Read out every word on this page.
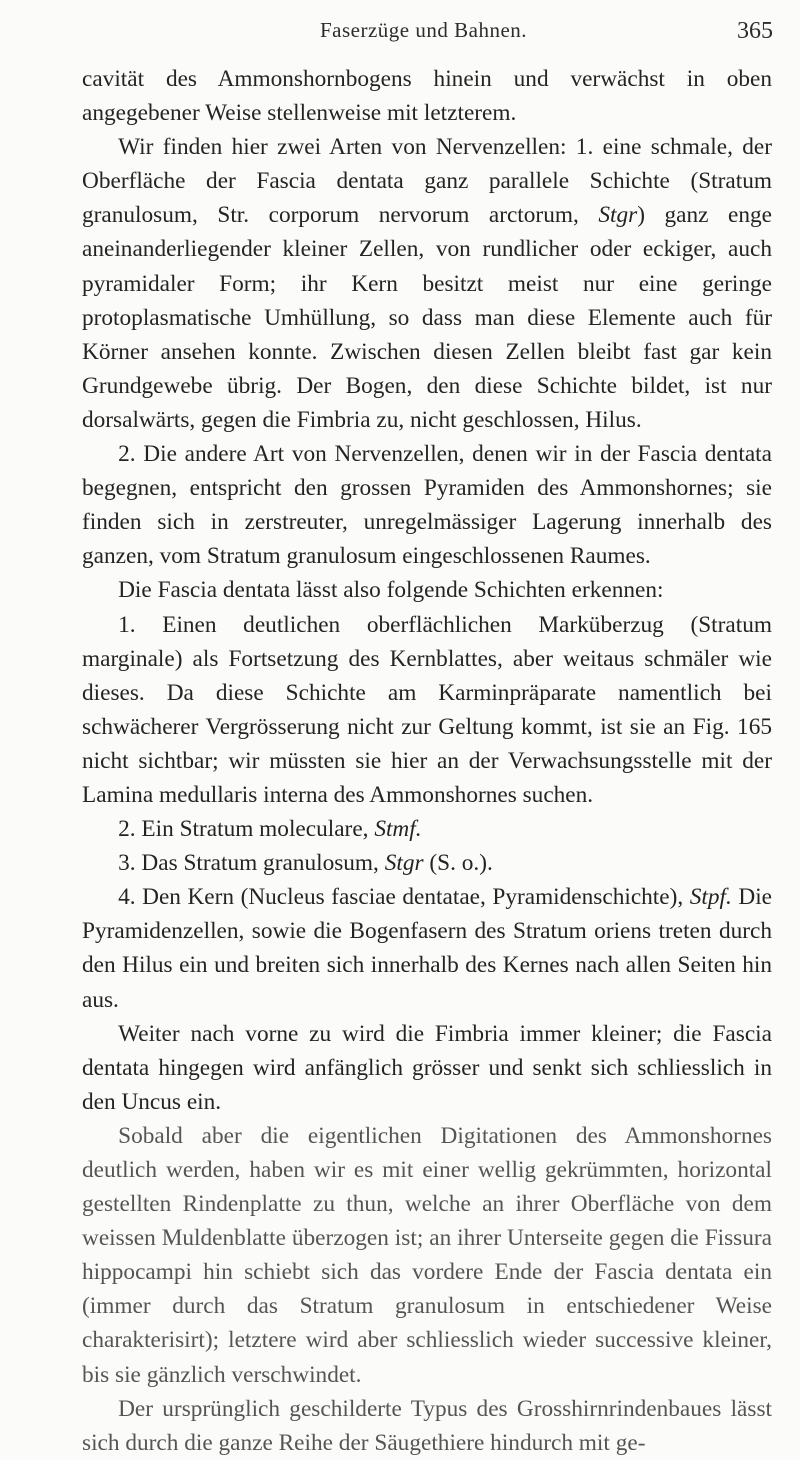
Faserzüge und Bahnen.	365

cavität des Ammonshornbogens hinein und verwächst in oben angegebener Weise stellenweise mit letzterem.

Wir finden hier zwei Arten von Nervenzellen: 1. eine schmale, der Oberfläche der Fascia dentata ganz parallele Schichte (Stratum granulosum, Str. corporum nervorum arctorum, Stgr) ganz enge aneinanderliegender kleiner Zellen, von rundlicher oder eckiger, auch pyramidaler Form; ihr Kern besitzt meist nur eine geringe protoplasmatische Umhüllung, so dass man diese Elemente auch für Körner ansehen konnte. Zwischen diesen Zellen bleibt fast gar kein Grundgewebe übrig. Der Bogen, den diese Schichte bildet, ist nur dorsalwärts, gegen die Fimbria zu, nicht geschlossen, Hilus.

2. Die andere Art von Nervenzellen, denen wir in der Fascia dentata begegnen, entspricht den grossen Pyramiden des Ammonshornes; sie finden sich in zerstreuter, unregelmässiger Lagerung innerhalb des ganzen, vom Stratum granulosum eingeschlossenen Raumes.

Die Fascia dentata lässt also folgende Schichten erkennen:

1. Einen deutlichen oberflächlichen Marküberzug (Stratum marginale) als Fortsetzung des Kernblattes, aber weitaus schmäler wie dieses. Da diese Schichte am Karminpräparate namentlich bei schwächerer Vergrösserung nicht zur Geltung kommt, ist sie an Fig. 165 nicht sichtbar; wir müssten sie hier an der Verwachsungsstelle mit der Lamina medullaris interna des Ammonshornes suchen.

2. Ein Stratum moleculare, Stmf.

3. Das Stratum granulosum, Stgr (S. o.).

4. Den Kern (Nucleus fasciae dentatae, Pyramidenschichte), Stpf. Die Pyramidenzellen, sowie die Bogenfasern des Stratum oriens treten durch den Hilus ein und breiten sich innerhalb des Kernes nach allen Seiten hin aus.

Weiter nach vorne zu wird die Fimbria immer kleiner; die Fascia dentata hingegen wird anfänglich grösser und senkt sich schliesslich in den Uncus ein.

Sobald aber die eigentlichen Digitationen des Ammonshornes deutlich werden, haben wir es mit einer wellig gekrümmten, horizontal gestellten Rindenplatte zu thun, welche an ihrer Oberfläche von dem weissen Muldenblatte überzogen ist; an ihrer Unterseite gegen die Fissura hippocampi hin schiebt sich das vordere Ende der Fascia dentata ein (immer durch das Stratum granulosum in entschiedener Weise charakterisirt); letztere wird aber schliesslich wieder successive kleiner, bis sie gänzlich verschwindet.

Der ursprünglich geschilderte Typus des Grosshirnrindenbaues lässt sich durch die ganze Reihe der Säugethiere hindurch mit ge-
